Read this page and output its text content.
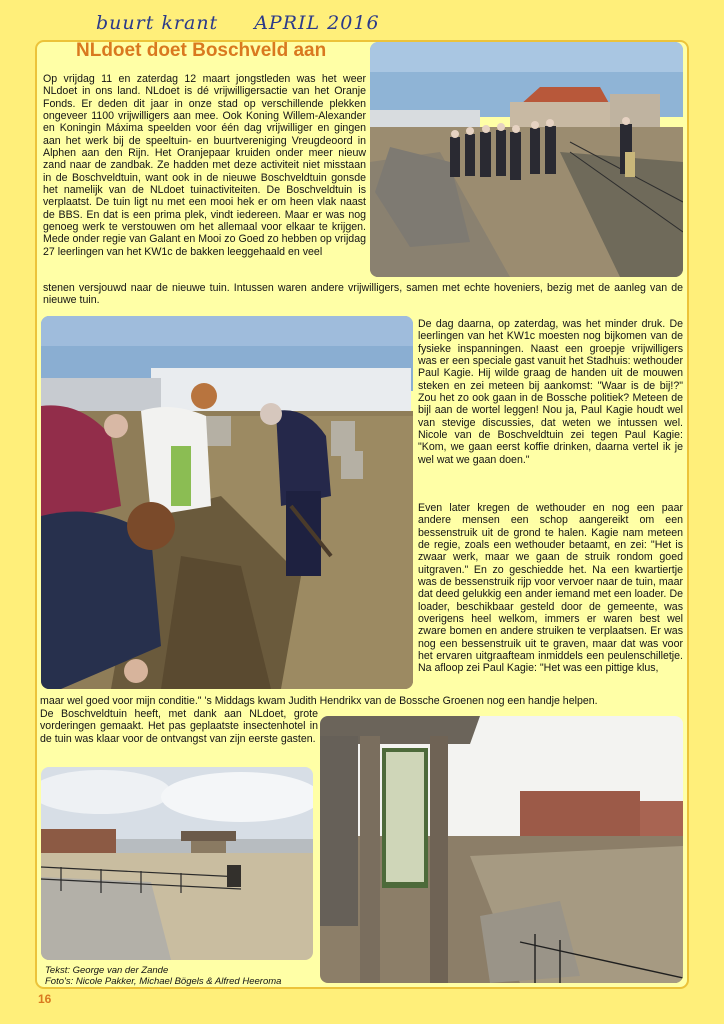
buurt krant APRIL 2016
NLdoet doet Boschveld aan

Op vrijdag 11 en zaterdag 12 maart jongstleden was het weer NLdoet in ons land. NLdoet is dé vrijwilligersactie van het Oranje Fonds. Er deden dit jaar in onze stad op verschillende plekken ongeveer 1100 vrijwilligers aan mee. Ook Koning Willem-Alexander en Koningin Máxima speelden voor één dag vrijwilliger en gingen aan het werk bij de speeltuin- en buurtvereniging Vreugdeoord in Alphen aan den Rijn. Het Oranjepaar kruiden onder meer nieuw zand naar de zandbak. Ze hadden met deze activiteit niet misstaan in de Boschveldtuin, want ook in de nieuwe Boschveldtuin gonsde het namelijk van de NLdoet tuinactiviteiten. De Boschveldtuin is verplaatst. De tuin ligt nu met een mooi hek er om heen vlak naast de BBS. En dat is een prima plek, vindt iedereen. Maar er was nog genoeg werk te verstouwen om het allemaal voor elkaar te krijgen. Mede onder regie van Galant en Mooi zo Goed zo hebben op vrijdag 27 leerlingen van het KW1c de bakken leeggehaald en veel

stenen versjouwd naar de nieuwe tuin. Intussen waren andere vrijwilligers, samen met echte hoveniers, bezig met de aanleg van de nieuwe tuin.

De dag daarna, op zaterdag, was het minder druk. De leerlingen van het KW1c moesten nog bijkomen van de fysieke inspanningen. Naast een groepje vrijwilligers was er een speciale gast vanuit het Stadhuis: wethouder Paul Kagie. Hij wilde graag de handen uit de mouwen steken en zei meteen bij aankomst: "Waar is de bij!?" Zou het zo ook gaan in de Bossche politiek? Meteen de bijl aan de wortel leggen! Nou ja, Paul Kagie houdt wel van stevige discussies, dat weten we intussen wel. Nicole van de Boschveldtuin zei tegen Paul Kagie: "Kom, we gaan eerst koffie drinken, daarna vertel ik je wel wat we gaan doen."

Even later kregen de wethouder en nog een paar andere mensen een schop aangereikt om een bessenstruik uit de grond te halen. Kagie nam meteen de regie, zoals een wethouder betaamt, en zei: "Het is zwaar werk, maar we gaan de struik rondom goed uitgraven." En zo geschiedde het. Na een kwartiertje was de bessenstruik rijp voor vervoer naar de tuin, maar dat deed gelukkig een ander iemand met een loader. De loader, beschikbaar gesteld door de gemeente, was overigens heel welkom, immers er waren best wel zware bomen en andere struiken te verplaatsen. Er was nog een bessenstruik uit te graven, maar dat was voor het ervaren uitgraafteam inmiddels een peulenschilletje. Na afloop zei Paul Kagie: "Het was een pittige klus,

maar wel goed voor mijn conditie." 's Middags kwam Judith Hendrikx van de Bossche Groenen nog een handje helpen.

De Boschveldtuin heeft, met dank aan NLdoet, grote vorderingen gemaakt. Het pas geplaatste insectenhotel in de tuin was klaar voor de ontvangst van zijn eerste gasten.

Tekst: George van der Zande
Foto's: Nicole Pakker, Michael Bögels & Alfred Heeroma
16
